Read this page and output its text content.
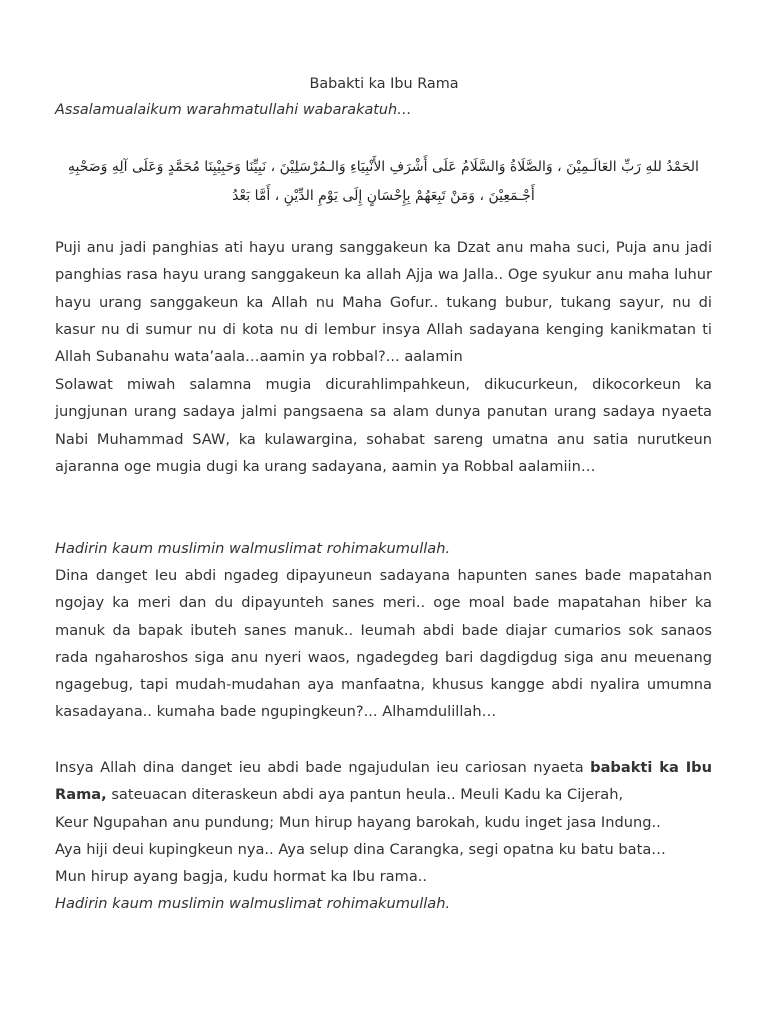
Babakti ka Ibu Rama

Assalamualaikum warahmatullahi wabarakatuh…

الحَمْدُ للهِ رَبِّ العَالَـمِيْنَ ، وَالصَّلَاةُ وَالسَّلَامُ عَلَى أَشْرَفِ الأَنْبِيَاءِ وَالـمُرْسَلِيْنَ ، نَبِيِّنَا وَحَبِيْبِنَا مُحَمَّدٍ وَعَلَى آلِهِ وَصَحْبِهِ
أَجْـمَعِيْنَ ، وَمَنْ تَبِعَهُمْ بِإِحْسَانٍ إِلَى يَوْمِ الدِّيْنِ ، أَمَّا بَعْدُ

Puji anu jadi panghias ati hayu urang sanggakeun ka Dzat anu maha suci, Puja anu jadi panghias rasa hayu urang sanggakeun ka allah Ajja wa Jalla.. Oge syukur anu maha luhur hayu urang sanggakeun ka Allah nu Maha Gofur.. tukang bubur, tukang sayur, nu di kasur nu di sumur nu di kota nu di lembur insya Allah sadayana kenging kanikmatan ti Allah Subanahu wata’aala…aamin ya robbal?... aalamin

Solawat miwah salamna mugia dicurahlimpahkeun, dikucurkeun, dikocorkeun ka jungjunan urang sadaya jalmi pangsaena sa alam dunya panutan urang sadaya nyaeta Nabi Muhammad SAW, ka kulawargina, sohabat sareng umatna anu satia nurutkeun ajaranna oge mugia dugi ka urang sadayana, aamin ya Robbal aalamiin…

Hadirin kaum muslimin walmuslimat rohimakumullah.

Dina danget Ieu abdi ngadeg dipayuneun sadayana hapunten sanes bade mapatahan ngojay ka meri dan du dipayunteh sanes meri.. oge moal bade mapatahan hiber ka manuk da bapak ibuteh sanes manuk.. Ieumah abdi bade diajar cumarios sok sanaos rada ngaharoshos siga anu nyeri waos, ngadegdeg bari dagdigdug siga anu meuenang ngagebug, tapi mudah-mudahan aya manfaatna, khusus kangge abdi nyalira umumna kasadayana.. kumaha bade ngupingkeun?... Alhamdulillah…

Insya Allah dina danget ieu abdi bade ngajudulan ieu cariosan nyaeta babakti ka Ibu Rama, sateuacan diteraskeun abdi aya pantun heula.. Meuli Kadu ka Cijerah,

Keur Ngupahan anu pundung; Mun hirup hayang barokah, kudu inget jasa Indung..

Aya hiji deui kupingkeun nya.. Aya selup dina Carangka, segi opatna ku batu bata…

Mun hirup ayang bagja, kudu hormat ka Ibu rama..

Hadirin kaum muslimin walmuslimat rohimakumullah.
